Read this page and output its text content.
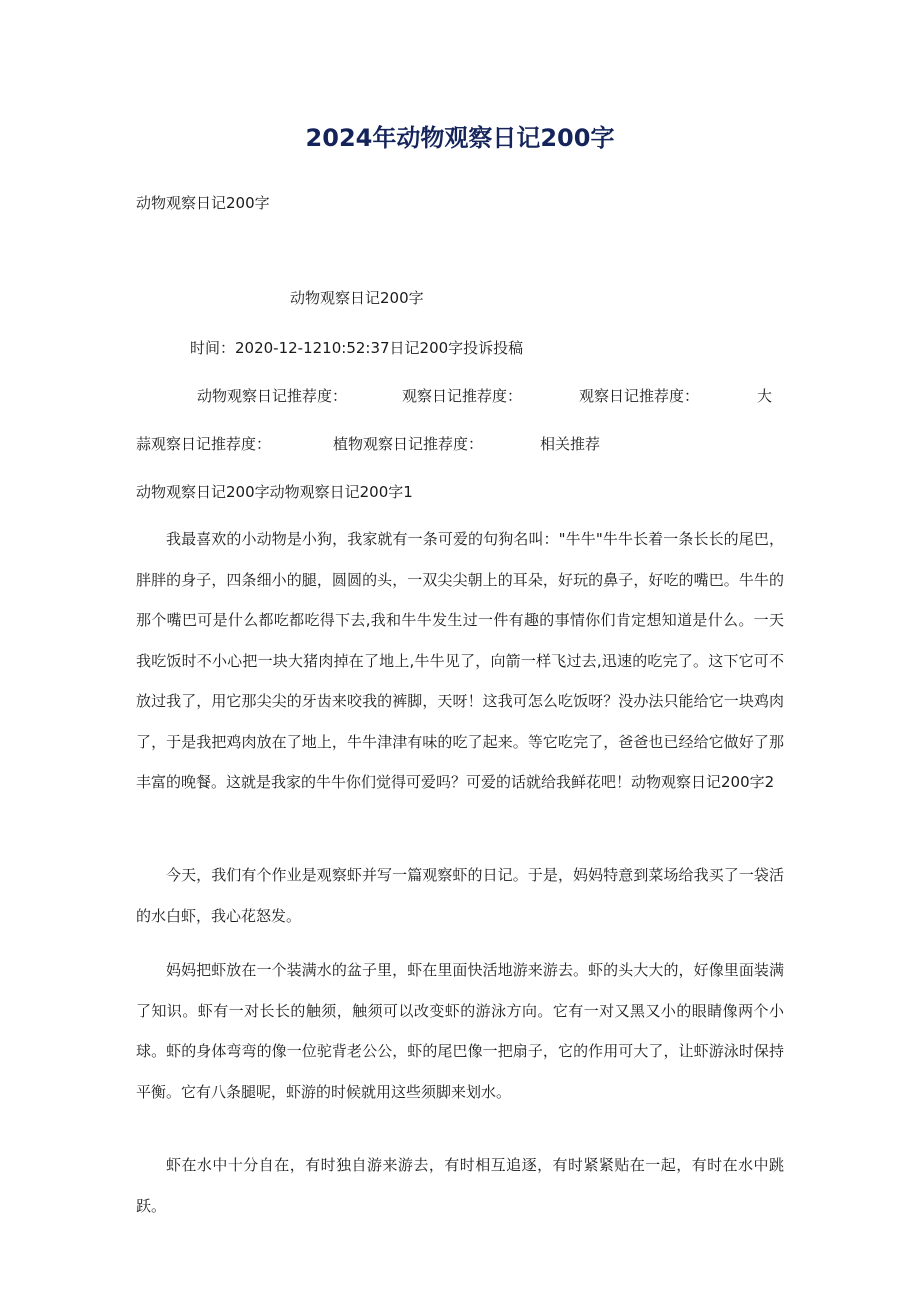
2024年动物观察日记200字

动物观察日记200字

动物观察日记200字

时间：2020-12-1210:52:37日记200字投诉投稿

动物观察日记推荐度：	观察日记推荐度：	观察日记推荐度：	大
蒜观察日记推荐度：	植物观察日记推荐度：	相关推荐

动物观察日记200字动物观察日记200字1

我最喜欢的小动物是小狗，我家就有一条可爱的句狗名叫："牛牛"牛牛长着一条长长的尾巴，胖胖的身子，四条细小的腿，圆圆的头，一双尖尖朝上的耳朵，好玩的鼻子，好吃的嘴巴。牛牛的那个嘴巴可是什么都吃都吃得下去,我和牛牛发生过一件有趣的事情你们肯定想知道是什么。一天我吃饭时不小心把一块大猪肉掉在了地上,牛牛见了，向箭一样飞过去,迅速的吃完了。这下它可不放过我了，用它那尖尖的牙齿来咬我的裤脚，天呀！这我可怎么吃饭呀？没办法只能给它一块鸡肉了，于是我把鸡肉放在了地上，牛牛津津有味的吃了起来。等它吃完了，爸爸也已经给它做好了那丰富的晚餐。这就是我家的牛牛你们觉得可爱吗？可爱的话就给我鲜花吧！动物观察日记200字2

今天，我们有个作业是观察虾并写一篇观察虾的日记。于是，妈妈特意到菜场给我买了一袋活的水白虾，我心花怒发。

妈妈把虾放在一个装满水的盆子里，虾在里面快活地游来游去。虾的头大大的，好像里面装满了知识。虾有一对长长的触须，触须可以改变虾的游泳方向。它有一对又黑又小的眼睛像两个小球。虾的身体弯弯的像一位驼背老公公，虾的尾巴像一把扇子，它的作用可大了，让虾游泳时保持平衡。它有八条腿呢，虾游的时候就用这些须脚来划水。

虾在水中十分自在，有时独自游来游去，有时相互追逐，有时紧紧贴在一起，有时在水中跳跃。
